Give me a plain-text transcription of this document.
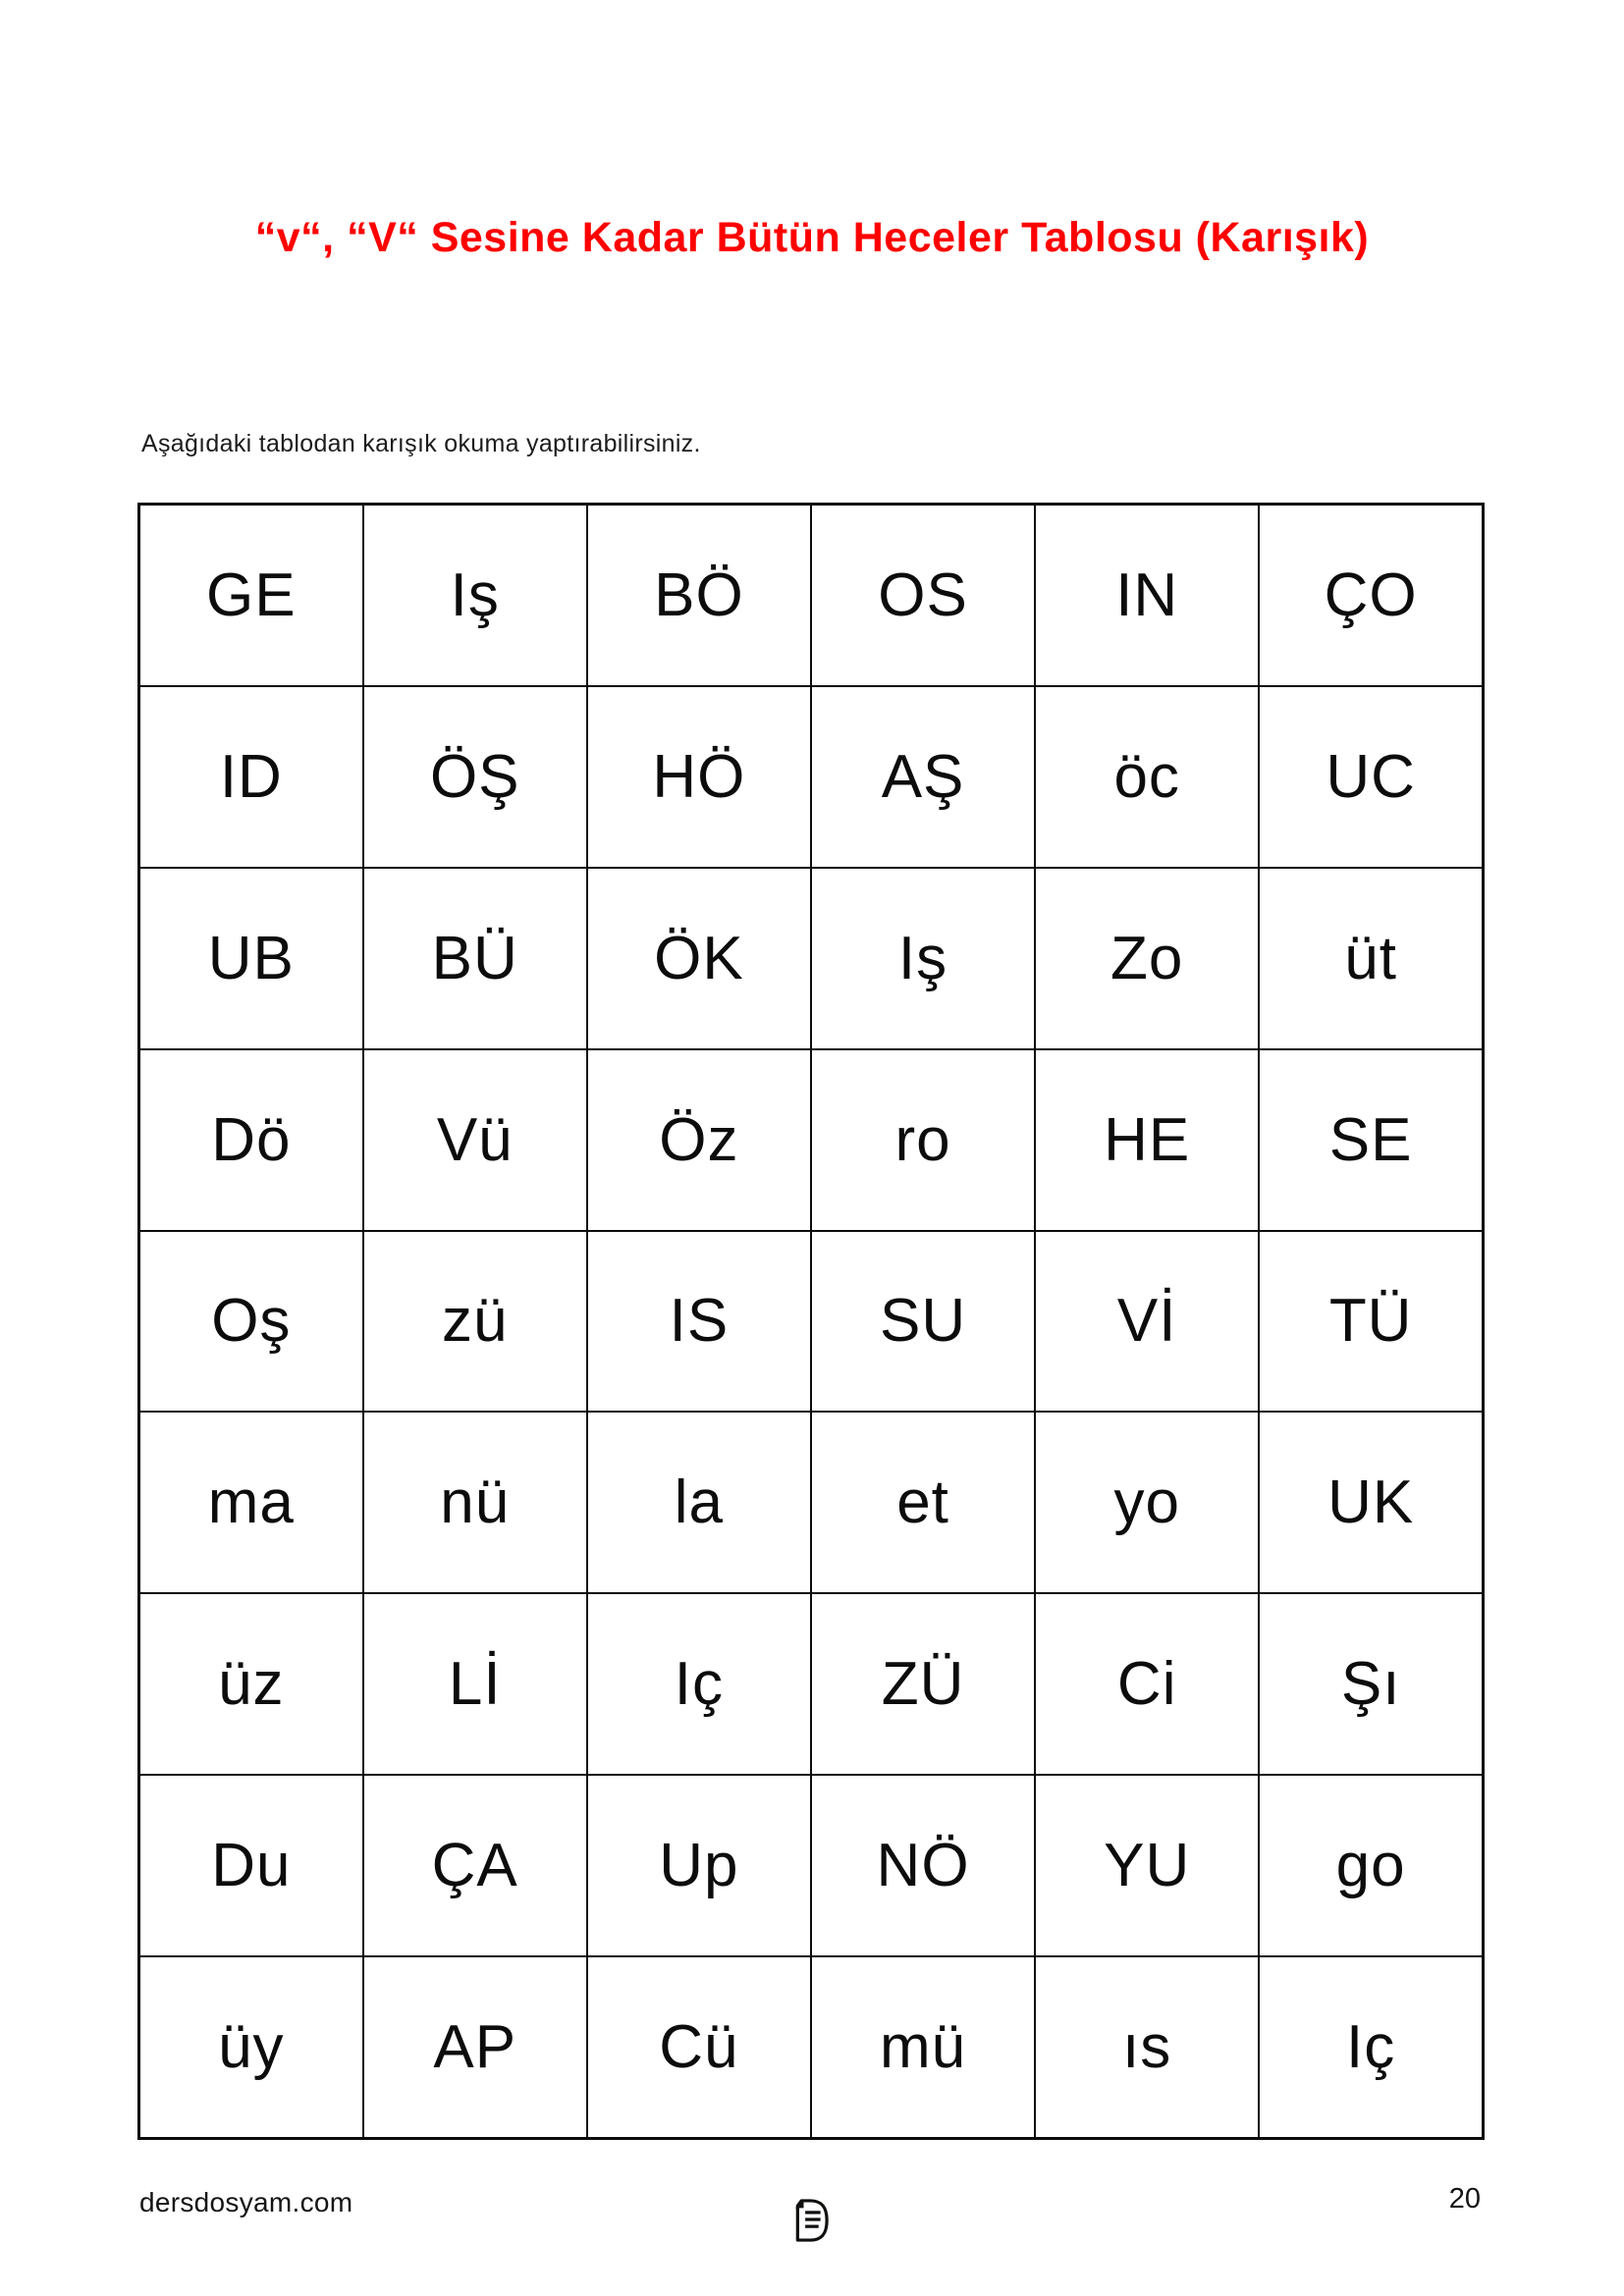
“v“, “V“ Sesine Kadar Bütün Heceler Tablosu (Karışık)
Aşağıdaki tablodan karışık okuma yaptırabilirsiniz.
GE	Iş	BÖ	OS	IN	ÇO
ID	ÖŞ	HÖ	AŞ	öc	UC
UB	BÜ	ÖK	Iş	Zo	üt
Dö	Vü	Öz	ro	HE	SE
Oş	zü	IS	SU	Vİ	TÜ
ma	nü	la	et	yo	UK
üz	Lİ	Iç	ZÜ	Ci	Şı
Du	ÇA	Up	NÖ	YU	go
üy	AP	Cü	mü	ıs	Iç
dersdosyam.com	20
